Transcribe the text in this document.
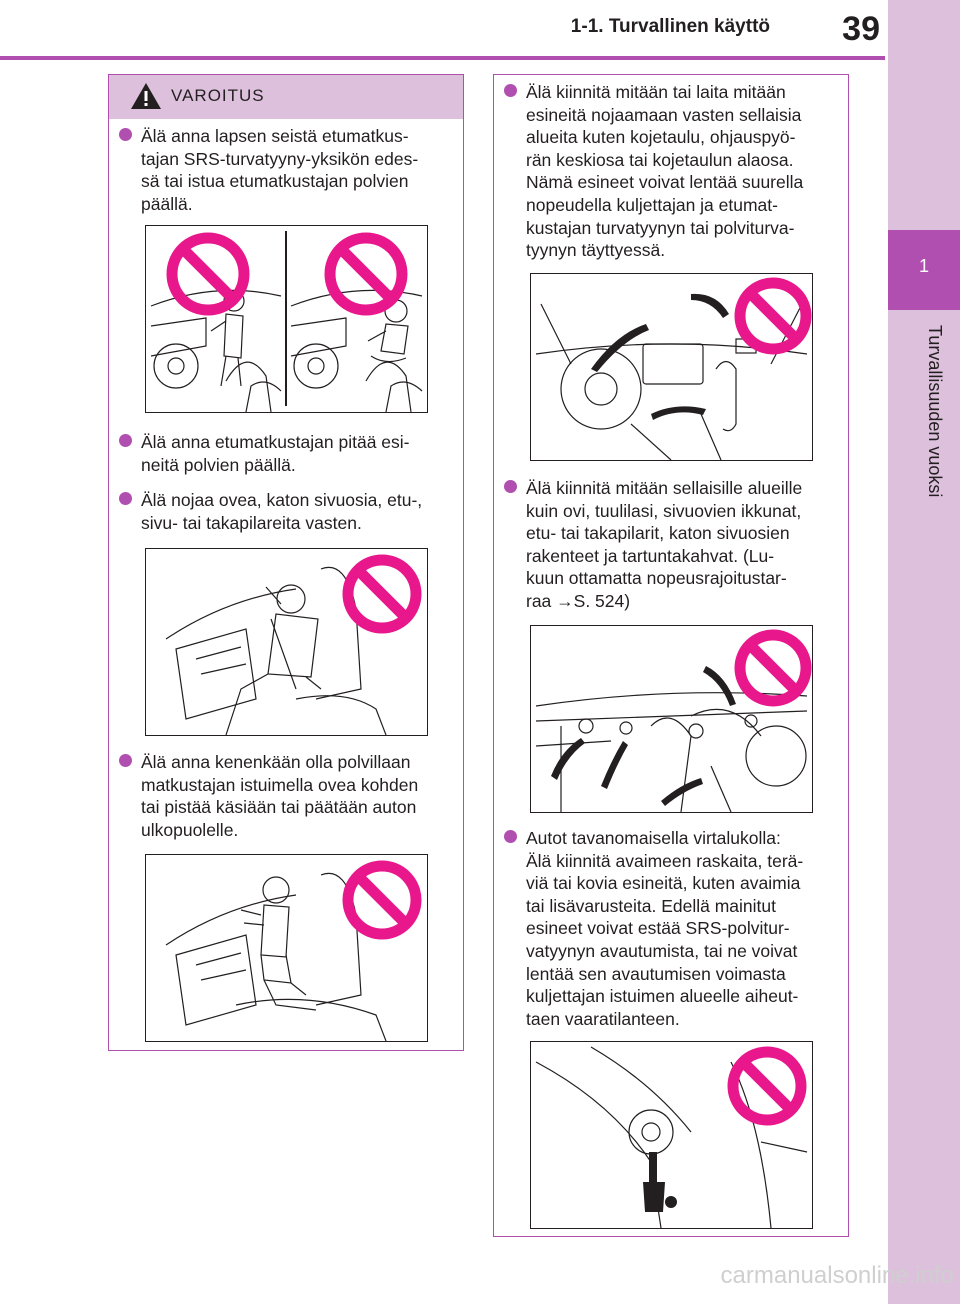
1-1. Turvallinen käyttö	39
1
Turvallisuuden vuoksi
VAROITUS
Älä anna lapsen seistä etumatkus-
tajan SRS-turvatyyny-yksikön edes-
sä tai istua etumatkustajan polvien
päällä.
Älä anna etumatkustajan pitää esi-
neitä polvien päällä.
Älä nojaa ovea, katon sivuosia, etu-,
sivu- tai takapilareita vasten.
Älä anna kenenkään olla polvillaan
matkustajan istuimella ovea kohden
tai pistää käsiään tai päätään auton
ulkopuolelle.
Älä kiinnitä mitään tai laita mitään
esineitä nojaamaan vasten sellaisia
alueita kuten kojetaulu, ohjauspyö-
rän keskiosa tai kojetaulun alaosa.
Nämä esineet voivat lentää suurella
nopeudella kuljettajan ja etumat-
kustajan turvatyynyn tai polviturva-
tyynyn täyttyessä.
Älä kiinnitä mitään sellaisille alueille
kuin ovi, tuulilasi, sivuovien ikkunat,
etu- tai takapilarit, katon sivuosien
rakenteet ja tartuntakahvat. (Lu-
kuun ottamatta nopeusrajoitustar-
raa →S. 524)
Autot tavanomaisella virtalukolla:
Älä kiinnitä avaimeen raskaita, terä-
viä tai kovia esineitä, kuten avaimia
tai lisävarusteita. Edellä mainitut
esineet voivat estää SRS-polvitur-
vatyynyn avautumista, tai ne voivat
lentää sen avautumisen voimasta
kuljettajan istuimen alueelle aiheut-
taen vaaratilanteen.
carmanualsonline.info
